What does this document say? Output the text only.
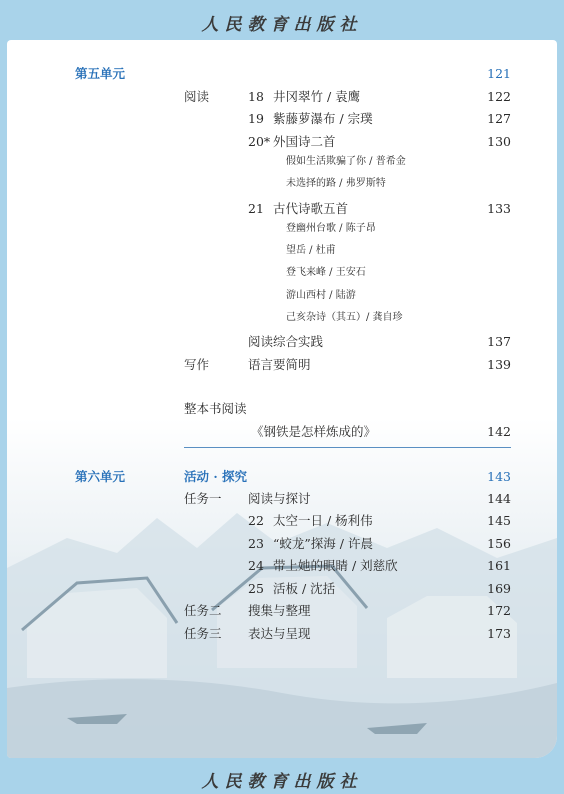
人民教育出版社
第五单元	121
阅读	18 井冈翠竹 / 袁鹰	122
19 紫藤萝瀑布 / 宗璞	127
20* 外国诗二首	130
假如生活欺骗了你 / 普希金
未选择的路 / 弗罗斯特
21 古代诗歌五首	133
登幽州台歌 / 陈子昂
望岳 / 杜甫
登飞来峰 / 王安石
游山西村 / 陆游
己亥杂诗（其五）/ 龚自珍
阅读综合实践	137
写作	语言要简明	139
整本书阅读
《钢铁是怎样炼成的》	142
第六单元	活动 · 探究	143
任务一 阅读与探讨	144
22 太空一日 / 杨利伟	145
23 “蛟龙”探海 / 许晨	156
24 带上她的眼睛 / 刘慈欣	161
25 活板 / 沈括	169
任务二 搜集与整理	172
任务三 表达与呈现	173
人民教育出版社
